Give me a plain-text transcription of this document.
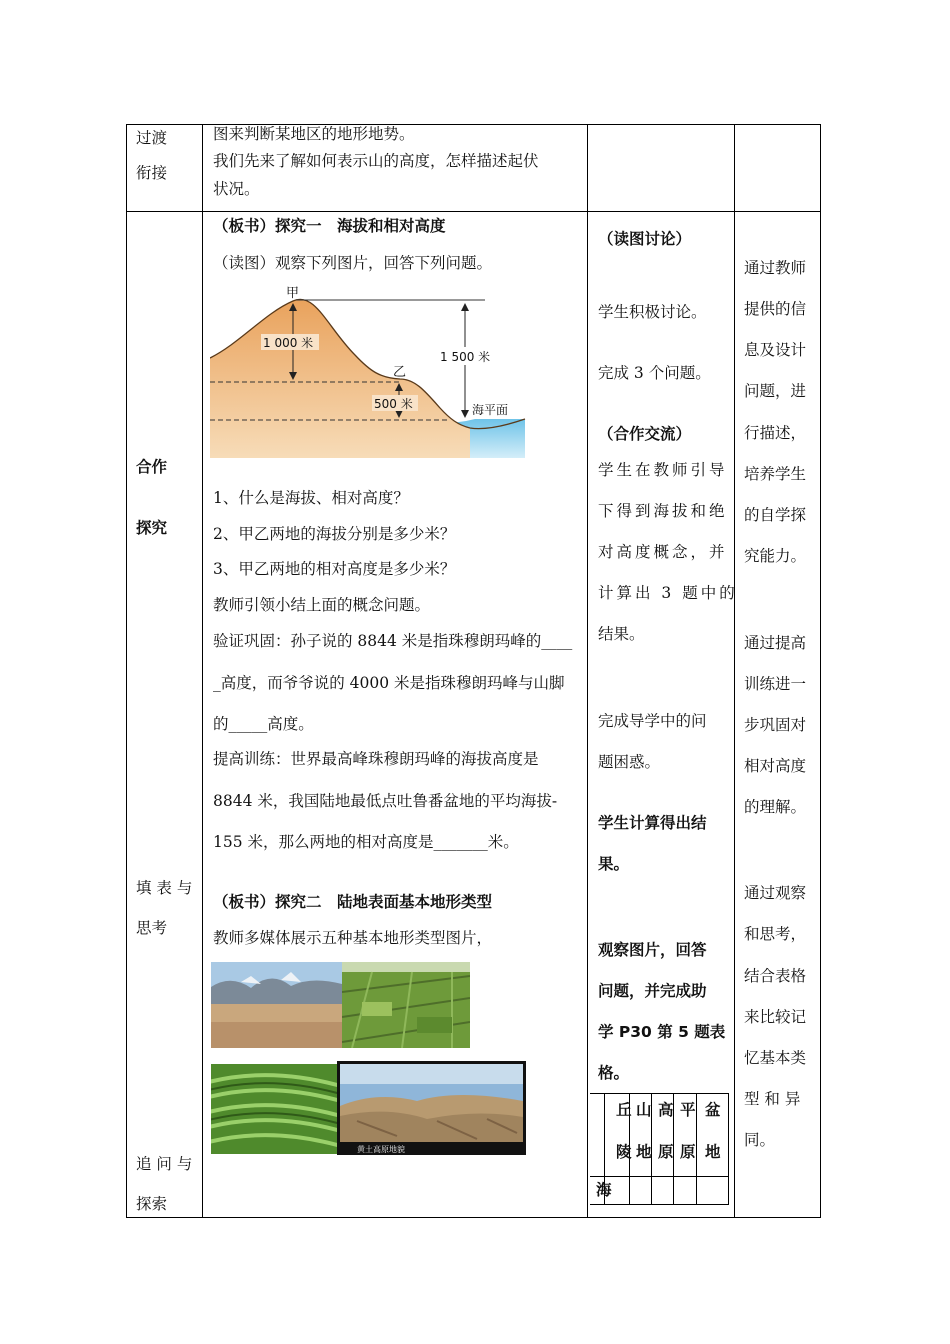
过渡
衔接
图来判断某地区的地形地势。
我们先来了解如何表示山的高度，怎样描述起伏
状况。
合作
探究
填 表 与
思考
追 问 与
探索
（板书）探究一　海拔和相对高度
（读图）观察下列图片，回答下列问题。
甲
乙
1 000 米
1 500 米
500 米	海平面
1、什么是海拔、相对高度？
2、甲乙两地的海拔分别是多少米？
3、甲乙两地的相对高度是多少米？
教师引领小结上面的概念问题。
验证巩固：孙子说的 8844 米是指珠穆朗玛峰的____
_高度，而爷爷说的 4000 米是指珠穆朗玛峰与山脚
的_____高度。
提高训练：世界最高峰珠穆朗玛峰的海拔高度是
8844 米，我国陆地最低点吐鲁番盆地的平均海拔-
155 米，那么两地的相对高度是_______米。
（板书）探究二　陆地表面基本地形类型
教师多媒体展示五种基本地形类型图片，
黄土高原地貌
（读图讨论）
学生积极讨论。
完成 3 个问题。
（合作交流）
学生在教师引导
下得到海拔和绝
对高度概念，并
计算出 3 题中的
结果。
完成导学中的问
题困惑。
学生计算得出结
果。
观察图片，回答
问题，并完成助
学 P30 第 5 题表
格。
丘
陵
山
地
高
原
平
原
盆
地
海
通过教师
提供的信
息及设计
问题，进
行描述，
培养学生
的自学探
究能力。
通过提高
训练进一
步巩固对
相对高度
的理解。
通过观察
和思考，
结合表格
来比较记
忆基本类
型 和 异
同。
